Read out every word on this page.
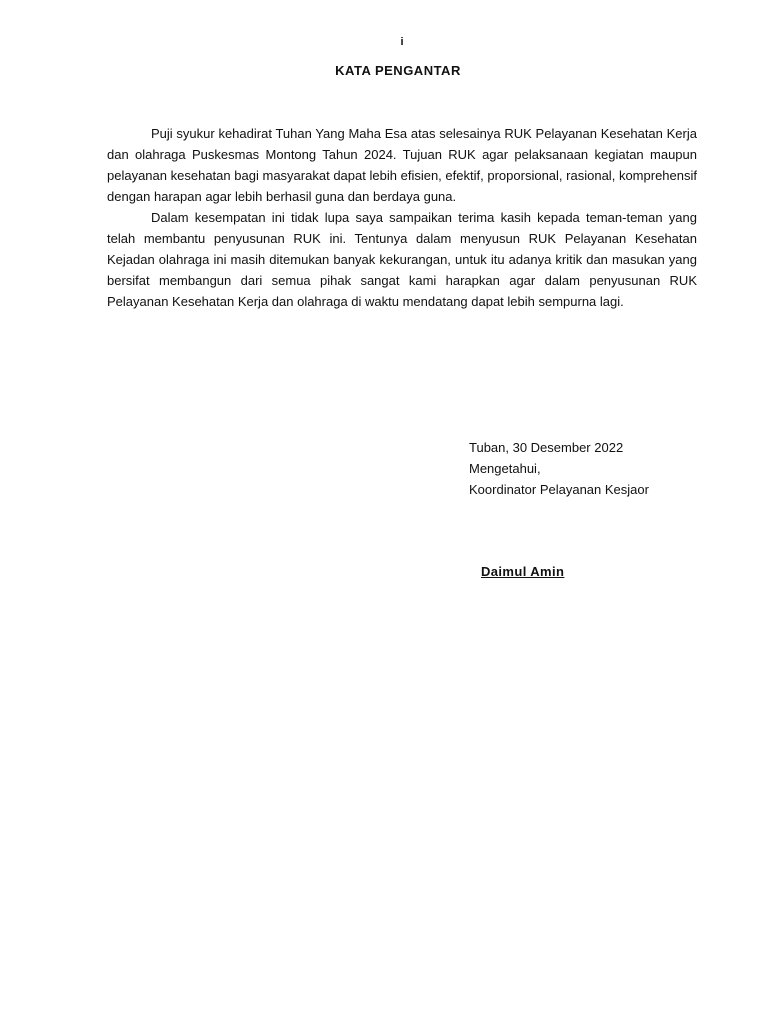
i
KATA PENGANTAR

Puji syukur kehadirat Tuhan Yang Maha Esa atas selesainya RUK Pelayanan Kesehatan Kerja dan olahraga Puskesmas Montong Tahun 2024. Tujuan RUK agar pelaksanaan kegiatan maupun pelayanan kesehatan bagi masyarakat dapat lebih efisien, efektif, proporsional, rasional, komprehensif dengan harapan agar lebih berhasil guna dan berdaya guna.

Dalam kesempatan ini tidak lupa saya sampaikan terima kasih kepada teman-teman yang telah membantu penyusunan RUK ini. Tentunya dalam menyusun RUK Pelayanan Kesehatan Kejadan olahraga ini masih ditemukan banyak kekurangan, untuk itu adanya kritik dan masukan yang bersifat membangun dari semua pihak sangat kami harapkan agar dalam penyusunan RUK Pelayanan Kesehatan Kerja dan olahraga di waktu mendatang dapat lebih sempurna lagi.

Tuban, 30 Desember 2022
Mengetahui,
Koordinator Pelayanan Kesjaor
Daimul Amin
